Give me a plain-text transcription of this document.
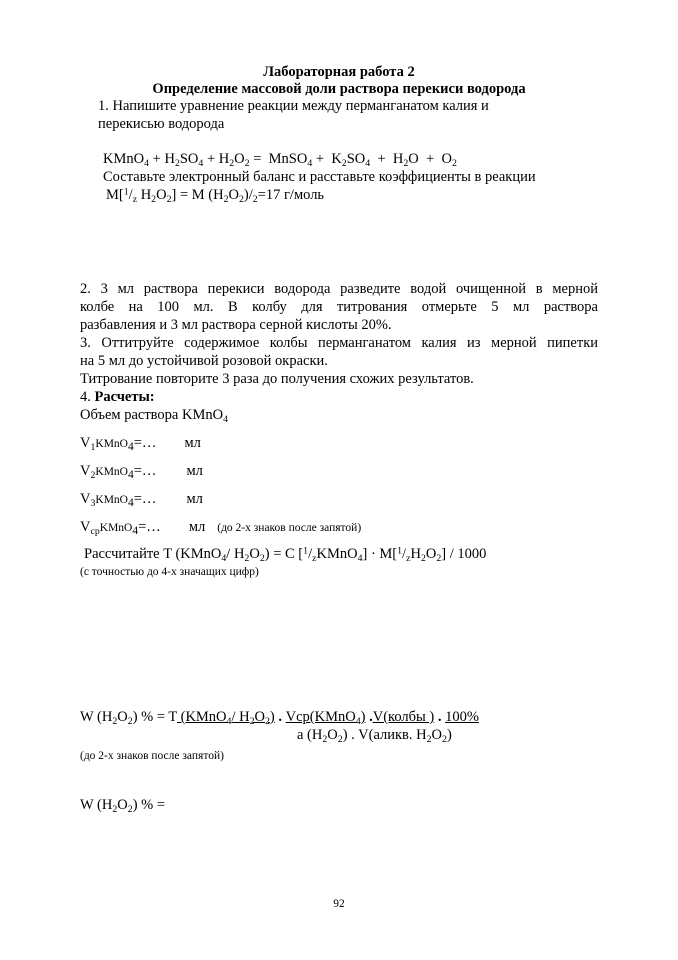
Лабораторная работа 2
Определение массовой доли раствора перекиси водорода
1. Напишите уравнение реакции между перманганатом калия и
перекисью водорода
KMnO$_4$ + $H_2SO_4 + H_2O_2$ =  MnSO$_4$ +  $K_2SO_4 + H_2O + O_2$
Составьте электронный баланс и расставьте коэффициенты в реакции
$M[^1/_z$ $H_2O_2] = M$ $(H_2O_2)/_2=17$ г/моль
2. 3 мл раствора перекиси водорода разведите водой очищенной в мерной
колбе на 100 мл. В колбу для титрования отмерьте 5 мл раствора
разбавления и 3 мл раствора серной кислоты 20%.
3. Оттитруйте содержимое колбы перманганатом калия из мерной пипетки
на 5 мл до устойчивой розовой окраски.
Титрование повторите 3 раза до получения схожих результатов.
4. Расчеты:
Объем раствора KMnO$_4$
$V_1KMnO_4=\dots$ мл
$V_2KMnO_4=\dots$ мл
$V_3KMnO_4=\dots$ мл
$V_{ср}KMnO_4=\dots$ мл (до 2-х знаков после запятой)
Рассчитайте T (KMnO$_4$/ $H_2O_2) = C$ $[^1/_zKMnO_4] \cdot M[^1/_zH_2O_2] / 1000$
(с точностью до 4-х значащих цифр)
W $(H_2O_2)$ % = T (KMnO$_4$/ $H_2O_2$) . Vср(KMnO$_4$) .V(колбы ) . 100%
a $(H_2O_2)$ . V(аликв. $H_2O_2$)
(до 2-х знаков после запятой)
W $(H_2O_2)$ % =
92
